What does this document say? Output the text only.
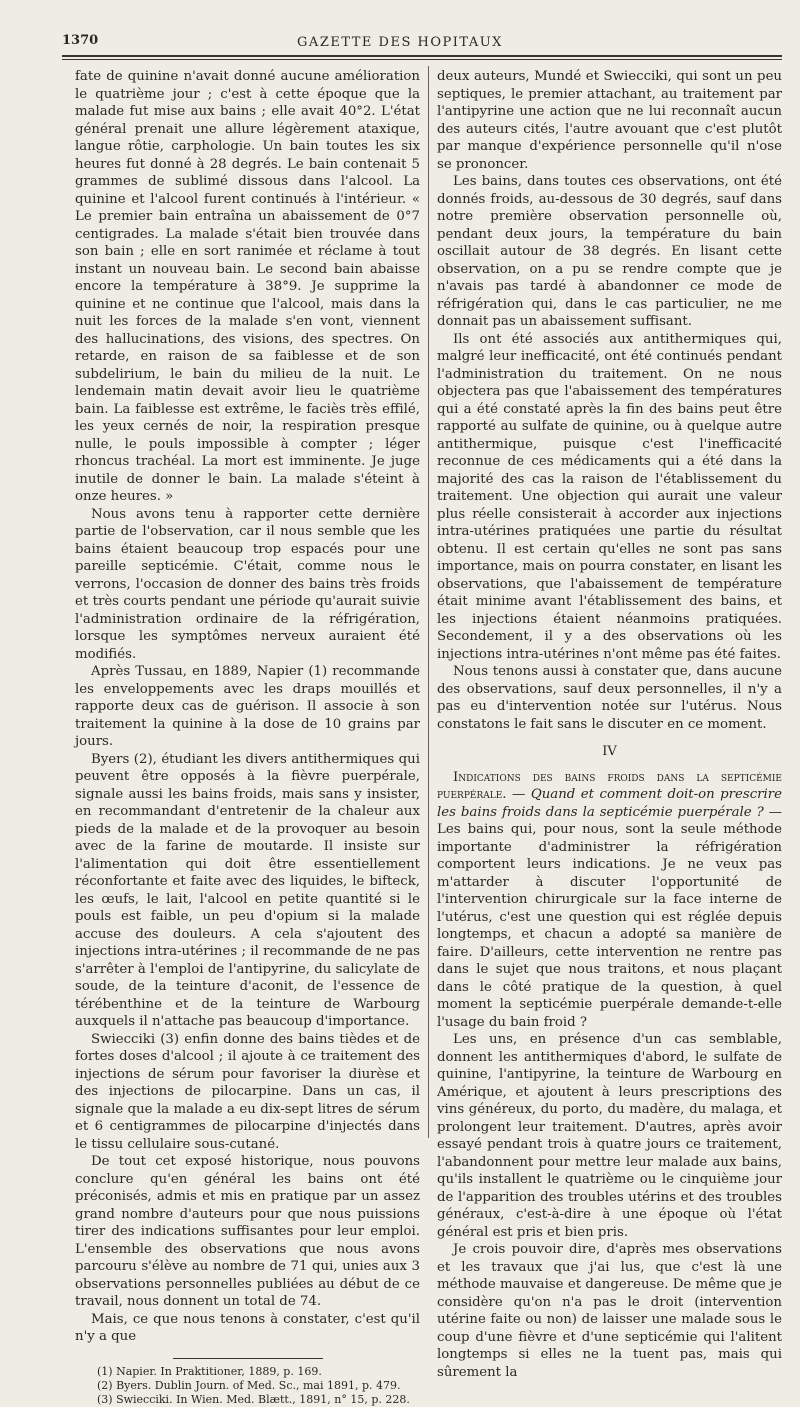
1370	GAZETTE DES HOPITAUX

fate de quinine n'avait donné aucune amélioration le quatrième jour ; c'est à cette époque que la malade fut mise aux bains ; elle avait 40°2. L'état général prenait une allure légèrement ataxique, langue rôtie, carphologie. Un bain toutes les six heures fut donné à 28 degrés. Le bain contenait 5 grammes de sublimé dissous dans l'alcool. La quinine et l'alcool furent continués à l'intérieur. « Le premier bain entraîna un abaissement de 0°7 centigrades. La malade s'était bien trouvée dans son bain ; elle en sort ranimée et réclame à tout instant un nouveau bain. Le second bain abaisse encore la température à 38°9. Je supprime la quinine et ne continue que l'alcool, mais dans la nuit les forces de la malade s'en vont, viennent des hallucinations, des visions, des spectres. On retarde, en raison de sa faiblesse et de son subdelirium, le bain du milieu de la nuit. Le lendemain matin devait avoir lieu le quatrième bain. La faiblesse est extrême, le faciès très effilé, les yeux cernés de noir, la respiration presque nulle, le pouls impossible à compter ; léger rhoncus trachéal. La mort est imminente. Je juge inutile de donner le bain. La malade s'éteint à onze heures. »

Nous avons tenu à rapporter cette dernière partie de l'observation, car il nous semble que les bains étaient beaucoup trop espacés pour une pareille septicémie. C'était, comme nous le verrons, l'occasion de donner des bains très froids et très courts pendant une période qu'aurait suivie l'administration ordinaire de la réfrigération, lorsque les symptômes nerveux auraient été modifiés.

Après Tussau, en 1889, Napier (1) recommande les enveloppements avec les draps mouillés et rapporte deux cas de guérison. Il associe à son traitement la quinine à la dose de 10 grains par jours.

Byers (2), étudiant les divers antithermiques qui peuvent être opposés à la fièvre puerpérale, signale aussi les bains froids, mais sans y insister, en recommandant d'entretenir de la chaleur aux pieds de la malade et de la provoquer au besoin avec de la farine de moutarde. Il insiste sur l'alimentation qui doit être essentiellement réconfortante et faite avec des liquides, le bifteck, les œufs, le lait, l'alcool en petite quantité si le pouls est faible, un peu d'opium si la malade accuse des douleurs. A cela s'ajoutent des injections intra-utérines ; il recommande de ne pas s'arrêter à l'emploi de l'antipyrine, du salicylate de soude, de la teinture d'aconit, de l'essence de térébenthine et de la teinture de Warbourg auxquels il n'attache pas beaucoup d'importance.

Swiecciki (3) enfin donne des bains tièdes et de fortes doses d'alcool ; il ajoute à ce traitement des injections de sérum pour favoriser la diurèse et des injections de pilocarpine. Dans un cas, il signale que la malade a eu dix-sept litres de sérum et 6 centigrammes de pilocarpine d'injectés dans le tissu cellulaire sous-cutané.

De tout cet exposé historique, nous pouvons conclure qu'en général les bains ont été préconisés, admis et mis en pratique par un assez grand nombre d'auteurs pour que nous puissions tirer des indications suffisantes pour leur emploi. L'ensemble des observations que nous avons parcouru s'élève au nombre de 71 qui, unies aux 3 observations personnelles publiées au début de ce travail, nous donnent un total de 74.

Mais, ce que nous tenons à constater, c'est qu'il n'y a que

(1) Napier. In Praktitioner, 1889, p. 169.
(2) Byers. Dublin Journ. of Med. Sc., mai 1891, p. 479.
(3) Swiecciki. In Wien. Med. Blætt., 1891, n° 15, p. 228.

deux auteurs, Mundé et Swiecciki, qui sont un peu septiques, le premier attachant, au traitement par l'antipyrine une action que ne lui reconnaît aucun des auteurs cités, l'autre avouant que c'est plutôt par manque d'expérience personnelle qu'il n'ose se prononcer.

Les bains, dans toutes ces observations, ont été donnés froids, au-dessous de 30 degrés, sauf dans notre première observation personnelle où, pendant deux jours, la température du bain oscillait autour de 38 degrés. En lisant cette observation, on a pu se rendre compte que je n'avais pas tardé à abandonner ce mode de réfrigération qui, dans le cas particulier, ne me donnait pas un abaissement suffisant.

Ils ont été associés aux antithermiques qui, malgré leur inefficacité, ont été continués pendant l'administration du traitement. On ne nous objectera pas que l'abaissement des températures qui a été constaté après la fin des bains peut être rapporté au sulfate de quinine, ou à quelque autre antithermique, puisque c'est l'inefficacité reconnue de ces médicaments qui a été dans la majorité des cas la raison de l'établissement du traitement. Une objection qui aurait une valeur plus réelle consisterait à accorder aux injections intra-utérines pratiquées une partie du résultat obtenu. Il est certain qu'elles ne sont pas sans importance, mais on pourra constater, en lisant les observations, que l'abaissement de température était minime avant l'établissement des bains, et les injections étaient néanmoins pratiquées. Secondement, il y a des observations où les injections intra-utérines n'ont même pas été faites.

Nous tenons aussi à constater que, dans aucune des observations, sauf deux personnelles, il n'y a pas eu d'intervention notée sur l'utérus. Nous constatons le fait sans le discuter en ce moment.

IV

Indications des bains froids dans la septicémie puerpérale. — Quand et comment doit-on prescrire les bains froids dans la septicémie puerpérale ? — Les bains qui, pour nous, sont la seule méthode importante d'administrer la réfrigération comportent leurs indications. Je ne veux pas m'attarder à discuter l'opportunité de l'intervention chirurgicale sur la face interne de l'utérus, c'est une question qui est réglée depuis longtemps, et chacun a adopté sa manière de faire. D'ailleurs, cette intervention ne rentre pas dans le sujet que nous traitons, et nous plaçant dans le côté pratique de la question, à quel moment la septicémie puerpérale demande-t-elle l'usage du bain froid ?

Les uns, en présence d'un cas semblable, donnent les antithermiques d'abord, le sulfate de quinine, l'antipyrine, la teinture de Warbourg en Amérique, et ajoutent à leurs prescriptions des vins généreux, du porto, du madère, du malaga, et prolongent leur traitement. D'autres, après avoir essayé pendant trois à quatre jours ce traitement, l'abandonnent pour mettre leur malade aux bains, qu'ils installent le quatrième ou le cinquième jour de l'apparition des troubles utérins et des troubles généraux, c'est-à-dire à une époque où l'état général est pris et bien pris.

Je crois pouvoir dire, d'après mes observations et les travaux que j'ai lus, que c'est là une méthode mauvaise et dangereuse. De même que je considère qu'on n'a pas le droit (intervention utérine faite ou non) de laisser une malade sous le coup d'une fièvre et d'une septicémie qui l'alitent longtemps si elles ne la tuent pas, mais qui sûrement la
